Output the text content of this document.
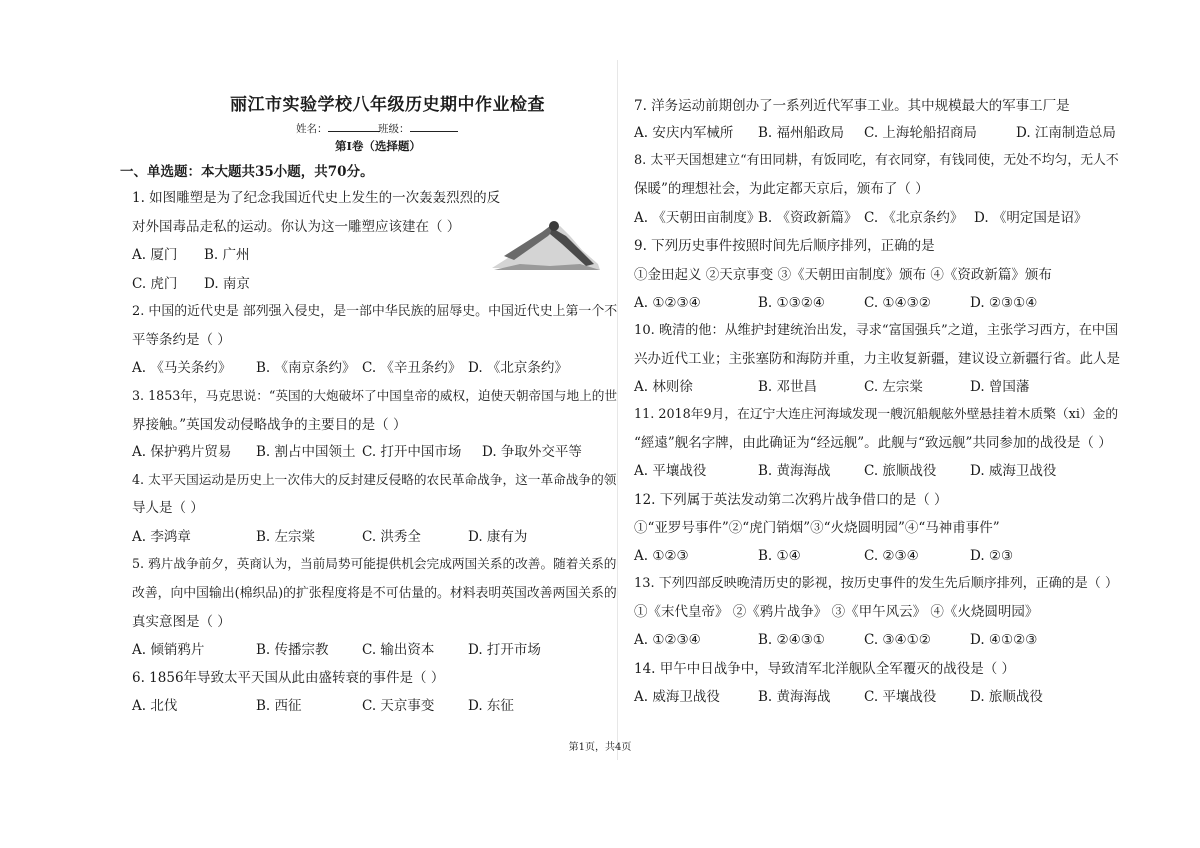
丽江市实验学校八年级历史期中作业检查
姓名：	班级：
第Ⅰ卷（选择题）
一、单选题：本大题共35小题，共70分。
1. 如图雕塑是为了纪念我国近代史上发生的一次轰轰烈烈的反
对外国毒品走私的运动。你认为这一雕塑应该建在（ ）
A. 厦门	B. 广州
C. 虎门	D. 南京
2. 中国的近代史是 部列强入侵史，是一部中华民族的屈辱史。中国近代史上第一个不
平等条约是（ ）
A. 《马关条约》	B. 《南京条约》 C. 《辛丑条约》 D. 《北京条约》
3. 1853年，马克思说：“英国的大炮破坏了中国皇帝的威权，迫使天朝帝国与地上的世
界接触。”英国发动侵略战争的主要目的是（ ）
A. 保护鸦片贸易	B. 割占中国领土 C. 打开中国市场	D. 争取外交平等
4. 太平天国运动是历史上一次伟大的反封建反侵略的农民革命战争，这一革命战争的领
导人是（ ）
A. 李鸿章	B. 左宗棠	C. 洪秀全	D. 康有为
5. 鸦片战争前夕，英商认为，当前局势可能提供机会完成两国关系的改善。随着关系的
改善，向中国输出(棉织品)的扩张程度将是不可估量的。材料表明英国改善两国关系的
真实意图是（ ）
A. 倾销鸦片	B. 传播宗教	C. 输出资本	D. 打开市场
6. 1856年导致太平天国从此由盛转衰的事件是（ ）
A. 北伐	B. 西征	C. 天京事变	D. 东征
7. 洋务运动前期创办了一系列近代军事工业。其中规模最大的军事工厂是
A. 安庆内军械所	B. 福州船政局	C. 上海轮船招商局	D. 江南制造总局
8. 太平天国想建立“有田同耕，有饭同吃，有衣同穿，有钱同使，无处不均匀，无人不
保暖”的理想社会，为此定都天京后，颁布了（ ）
A. 《天朝田亩制度》
B. 《资政新篇》 C. 《北京条约》 D. 《明定国是诏》
9. 下列历史事件按照时间先后顺序排列，正确的是
①金田起义 ②天京事变 ③《天朝田亩制度》颁布 ④《资政新篇》颁布
A. ①②③④	B. ①③②④	C. ①④③②	D. ②③①④
10. 晚清的他：从维护封建统治出发，寻求“富国强兵”之道，主张学习西方，在中国
兴办近代工业；主张塞防和海防并重，力主收复新疆，建议设立新疆行省。此人是
A. 林则徐	B. 邓世昌	C. 左宗棠	D. 曾国藩
11. 2018年9月，在辽宁大连庄河海域发现一艘沉船舰舷外壁悬挂着木质檠（xi）金的
“經遠”舰名字牌，由此确证为“经远舰”。此舰与“致远舰”共同参加的战役是（ ）
A. 平壤战役	B. 黄海海战	C. 旅顺战役	D. 威海卫战役
12. 下列属于英法发动第二次鸦片战争借口的是（ ）
①“亚罗号事件”②“虎门销烟”③“火烧圆明园”④“马神甫事件”
A. ①②③	B. ①④	C. ②③④	D. ②③
13. 下列四部反映晚清历史的影视，按历史事件的发生先后顺序排列，正确的是（ ）
①《末代皇帝》 ②《鸦片战争》 ③《甲午风云》 ④《火烧圆明园》
A. ①②③④	B. ②④③①	C. ③④①②	D. ④①②③
14. 甲午中日战争中，导致清军北洋舰队全军覆灭的战役是（ ）
A. 威海卫战役	B. 黄海海战	C. 平壤战役	D. 旅顺战役
第1页，共4页
